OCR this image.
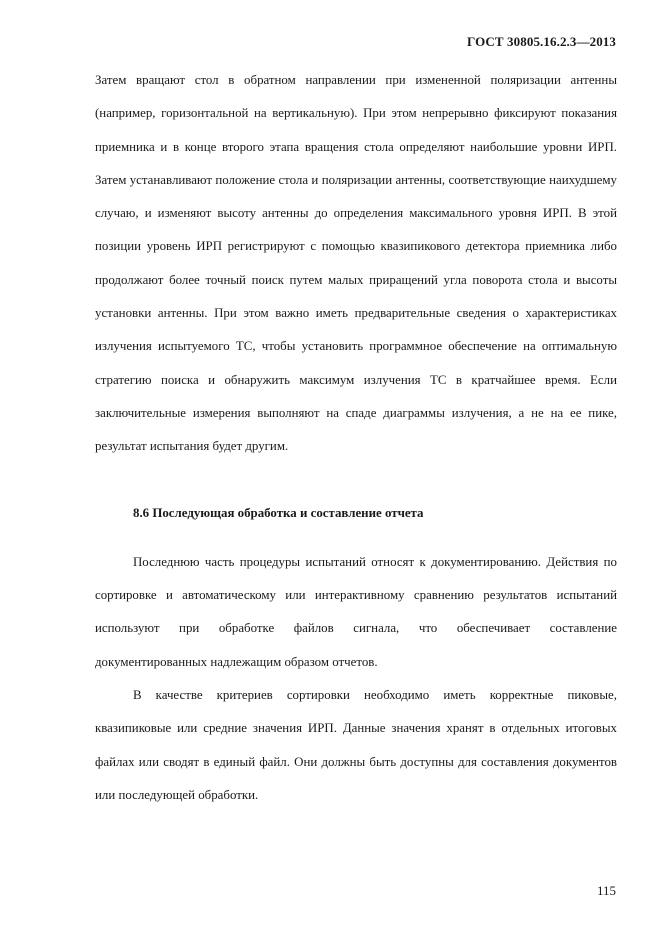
ГОСТ 30805.16.2.3—2013

Затем вращают стол в обратном направлении при измененной поляризации антенны (например, горизонтальной на вертикальную). При этом непрерывно фиксируют показания приемника и в конце второго этапа вращения стола определяют наибольшие уровни ИРП. Затем устанавливают положение стола и поляризации антенны, соответствующие наихудшему случаю, и изменяют высоту антенны до определения максимального уровня ИРП. В этой позиции уровень ИРП регистрируют с помощью квазипикового детектора приемника либо продолжают более точный поиск путем малых приращений угла поворота стола и высоты установки антенны. При этом важно иметь предварительные сведения о характеристиках излучения испытуемого ТС, чтобы установить программное обеспечение на оптимальную стратегию поиска и обнаружить максимум излучения ТС в кратчайшее время. Если заключительные измерения выполняют на спаде диаграммы излучения, а не на ее пике, результат испытания будет другим.

8.6 Последующая обработка и составление отчета

Последнюю часть процедуры испытаний относят к документированию. Действия по сортировке и автоматическому или интерактивному сравнению результатов испытаний используют при обработке файлов сигнала, что обеспечивает составление документированных надлежащим образом отчетов.

В качестве критериев сортировки необходимо иметь корректные пиковые, квазипиковые или средние значения ИРП. Данные значения хранят в отдельных итоговых файлах или сводят в единый файл. Они должны быть доступны для составления документов или последующей обработки.

115
